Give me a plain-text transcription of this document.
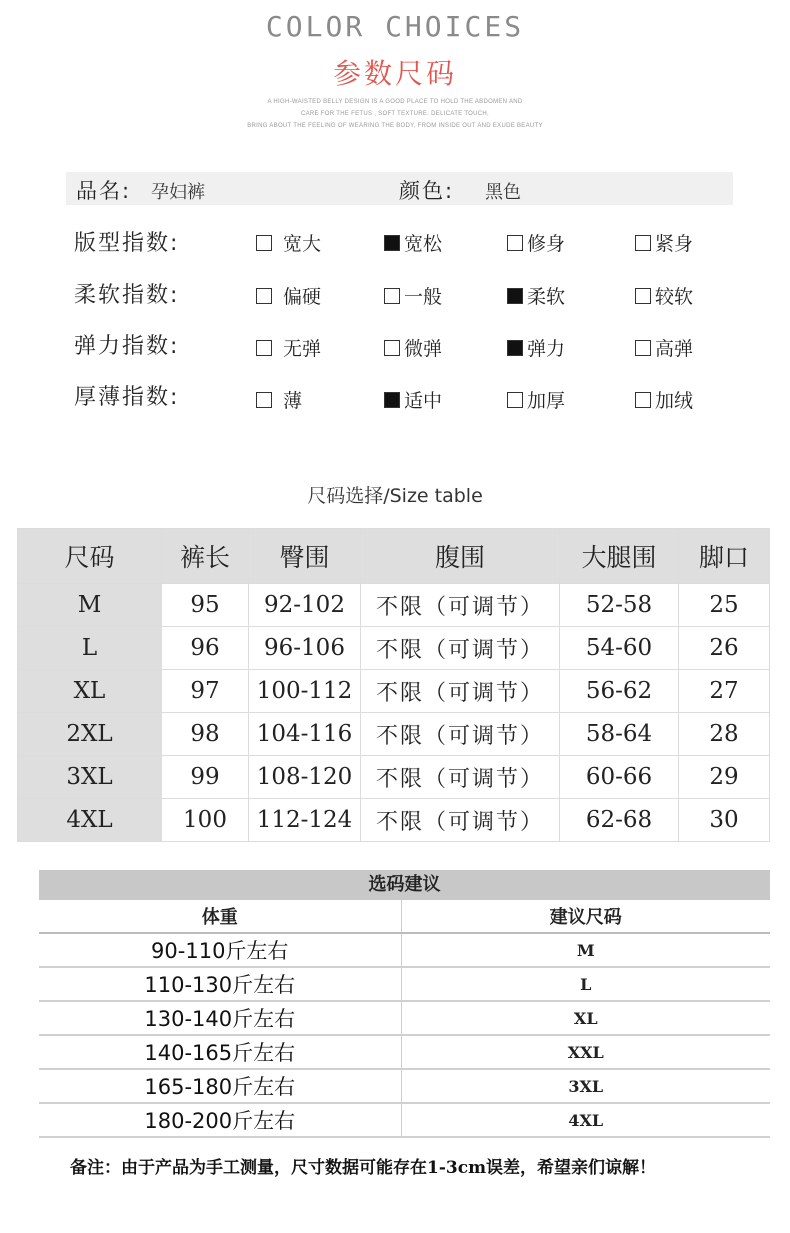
COLOR CHOICES
参数尺码
A HIGH-WAISTED BELLY DESIGN IS A GOOD PLACE TO HOLD THE ABDOMEN AND
CARE FOR THE FETUS , SOFT TEXTURE. DELICATE TOUCH,
BRING ABOUT THE FEELING OF WEARING THE BODY, FROM INSIDE OUT AND EXUDE BEAUTY
品名: 孕妇裤	颜色: 黑色
版型指数:	宽大	宽松	修身	紧身
柔软指数:	偏硬	一般	柔软	较软
弹力指数:	无弹	微弹	弹力	高弹
厚薄指数:	薄	适中	加厚	加绒
尺码选择/Size table
尺码	裤长	臀围	腹围	大腿围	脚口
M	95	92-102	不限（可调节）	52-58	25
L	96	96-106	不限（可调节）	54-60	26
XL	97	100-112	不限（可调节）	56-62	27
2XL	98	104-116	不限（可调节）	58-64	28
3XL	99	108-120	不限（可调节）	60-66	29
4XL	100	112-124	不限（可调节）	62-68	30
选码建议
体重	建议尺码
90-110斤左右	M
110-130斤左右	L
130-140斤左右	XL
140-165斤左右	XXL
165-180斤左右	3XL
180-200斤左右	4XL
备注：由于产品为手工测量，尺寸数据可能存在1-3cm误差，希望亲们谅解！
